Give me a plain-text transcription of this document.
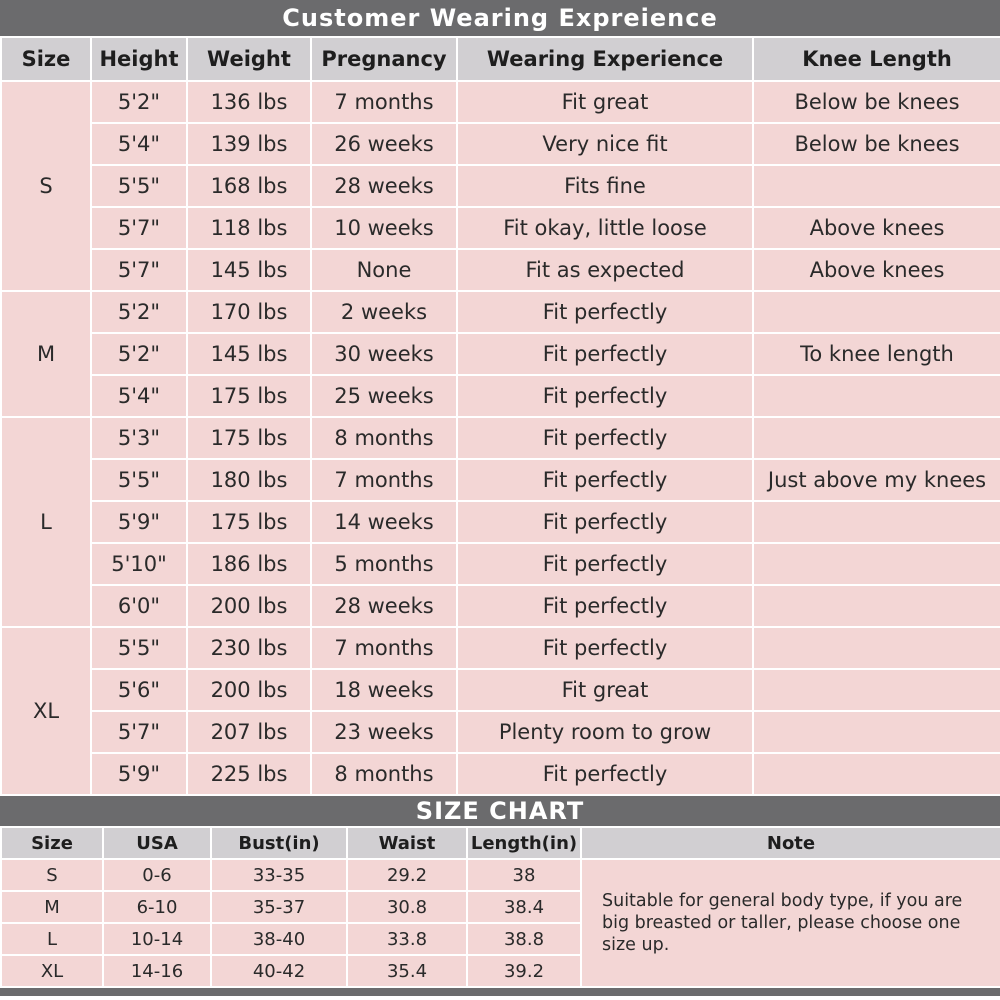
Customer Wearing Expreience
Size	Height	Weight	Pregnancy	Wearing Experience	Knee Length
S	5'2"	136 lbs	7 months	Fit great	Below be knees
	5'4"	139 lbs	26 weeks	Very nice fit	Below be knees
	5'5"	168 lbs	28 weeks	Fits fine	
	5'7"	118 lbs	10 weeks	Fit okay, little loose	Above knees
	5'7"	145 lbs	None	Fit as expected	Above knees
M	5'2"	170 lbs	2 weeks	Fit perfectly	
	5'2"	145 lbs	30 weeks	Fit perfectly	To knee length
	5'4"	175 lbs	25 weeks	Fit perfectly	
L	5'3"	175 lbs	8 months	Fit perfectly	
	5'5"	180 lbs	7 months	Fit perfectly	Just above my knees
	5'9"	175 lbs	14 weeks	Fit perfectly	
	5'10"	186 lbs	5 months	Fit perfectly	
	6'0"	200 lbs	28 weeks	Fit perfectly	
XL	5'5"	230 lbs	7 months	Fit perfectly	
	5'6"	200 lbs	18 weeks	Fit great	
	5'7"	207 lbs	23 weeks	Plenty room to grow	
	5'9"	225 lbs	8 months	Fit perfectly	
SIZE CHART
Size	USA	Bust(in)	Waist	Length(in)	Note
S	0-6	33-35	29.2	38	Suitable for general body type, if you are big breasted or taller, please choose one size up.
M	6-10	35-37	30.8	38.4	
L	10-14	38-40	33.8	38.8	
XL	14-16	40-42	35.4	39.2	
